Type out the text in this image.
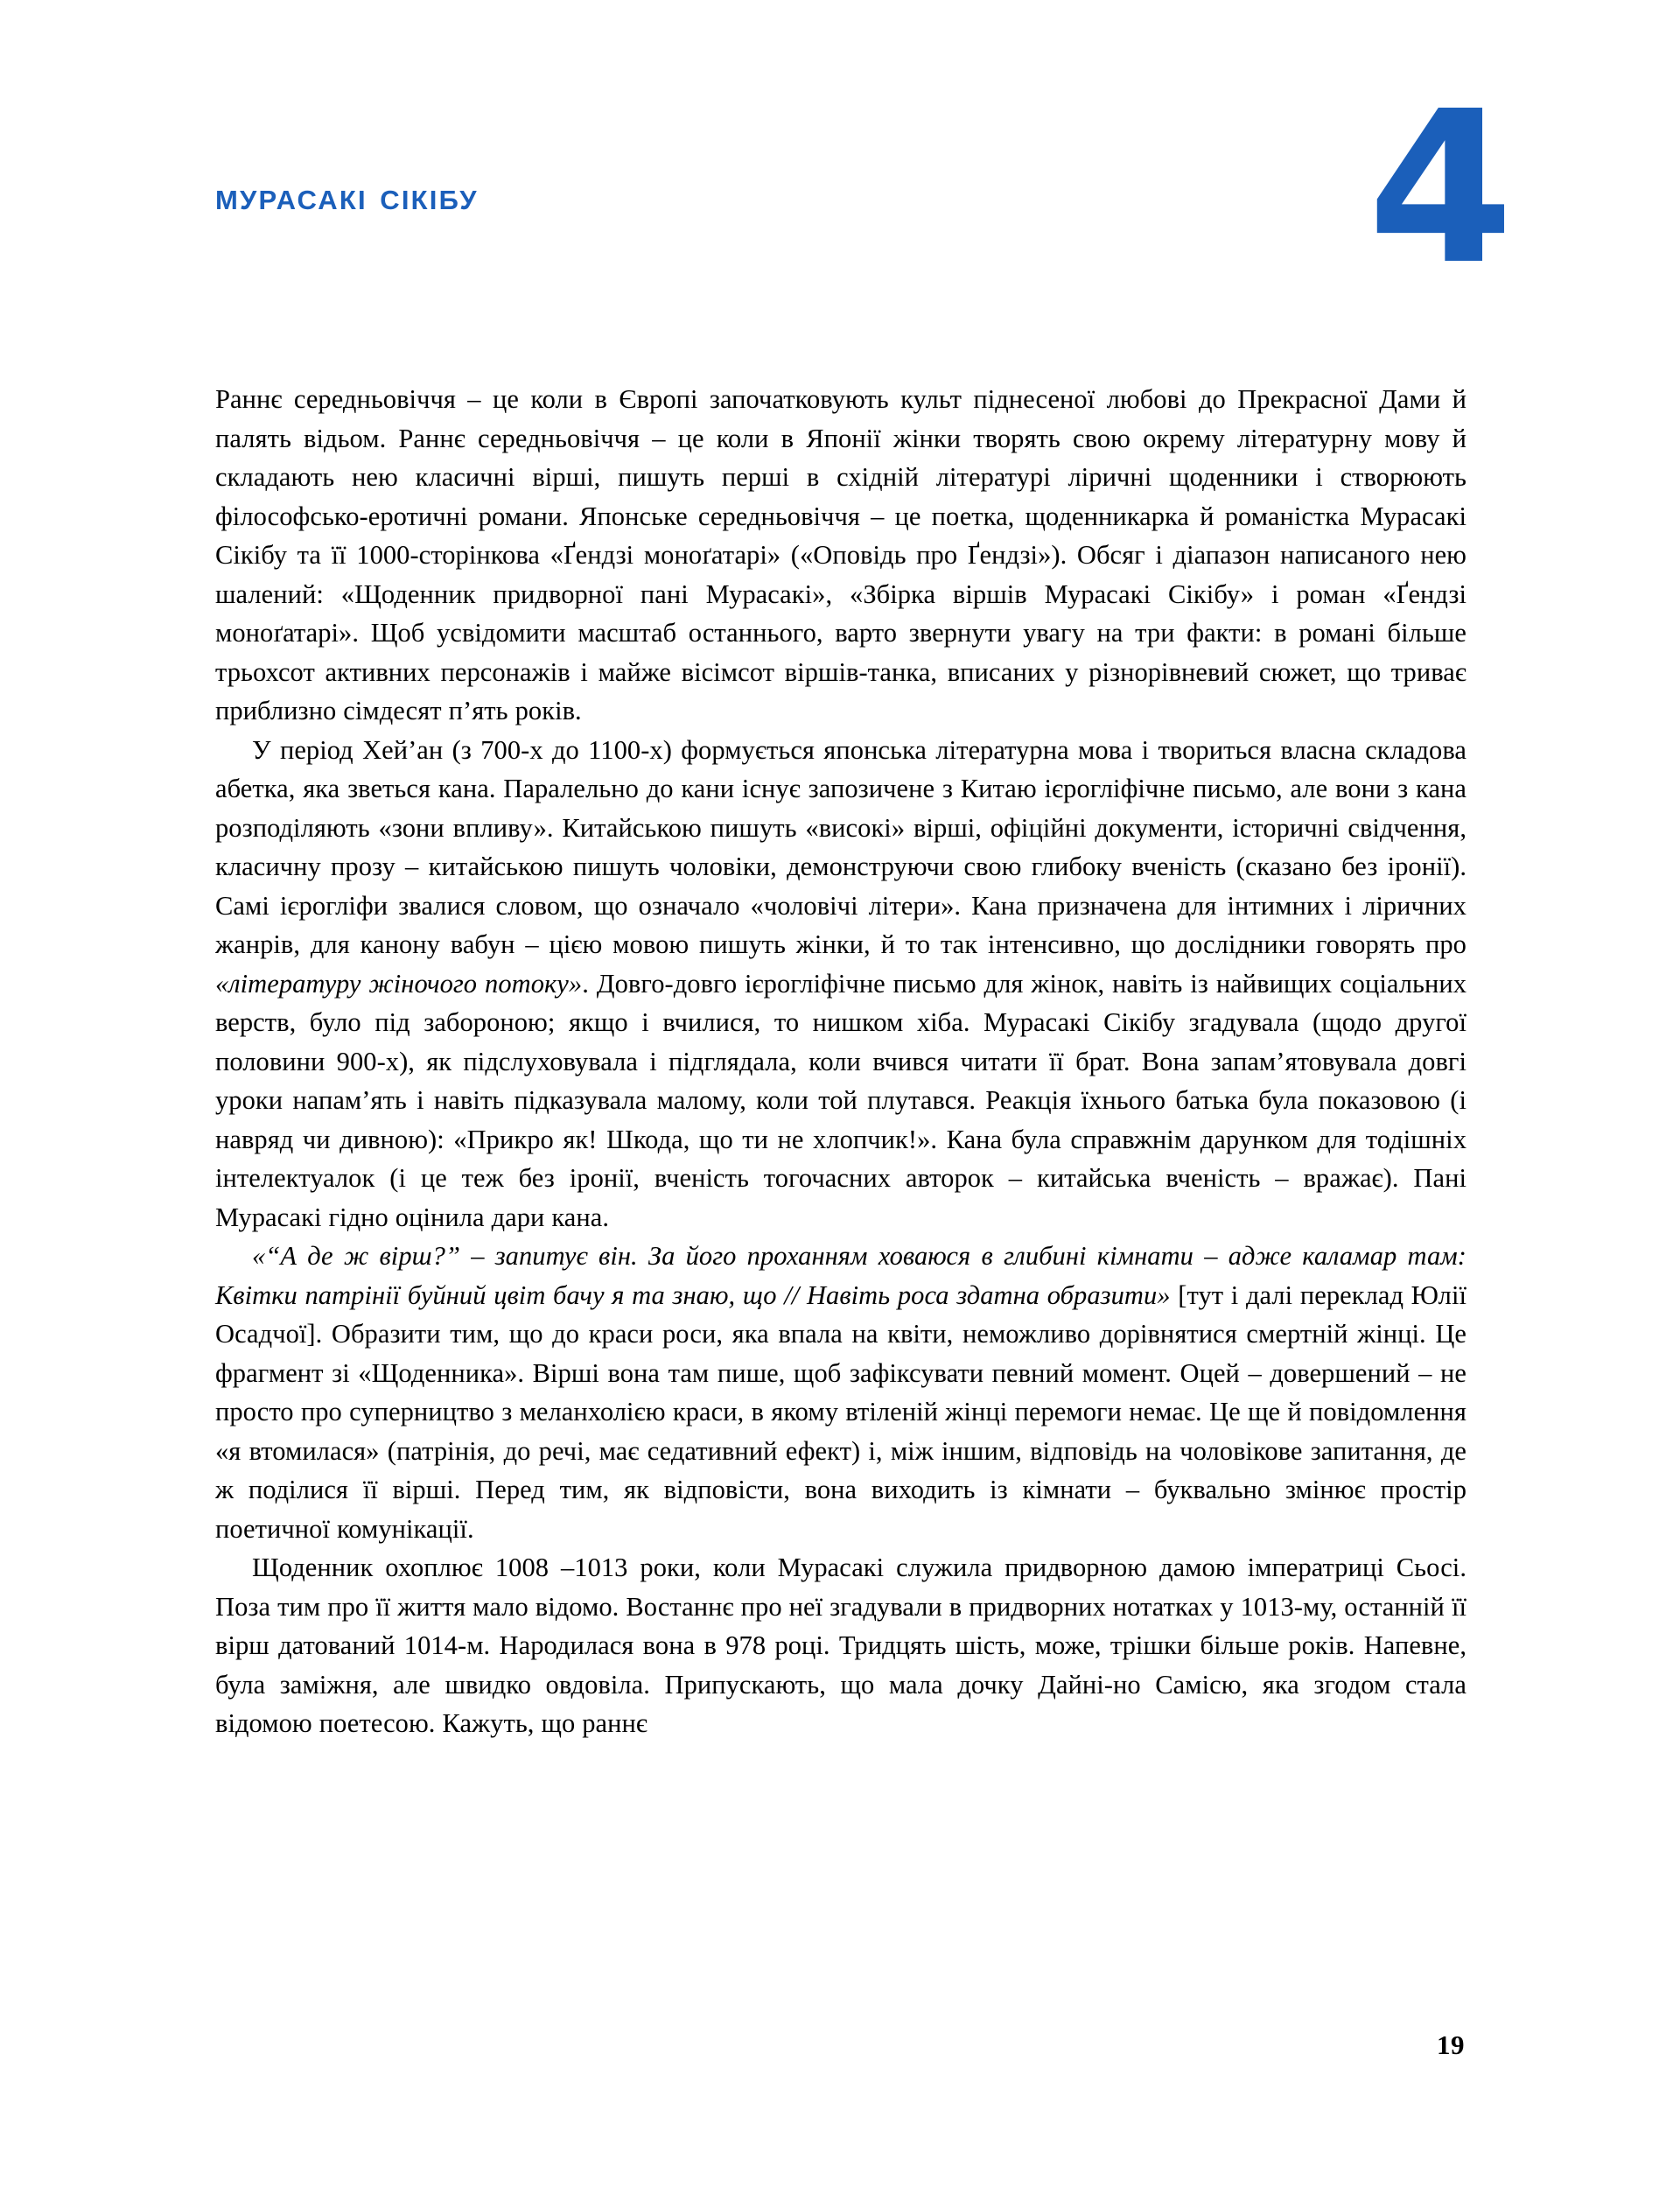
мурасакі сікібу	4

Раннє середньовіччя – це коли в Європі започатковують культ піднесеної любові до Прекрасної Дами й палять відьом. Раннє середньовіччя – це коли в Японії жінки творять свою окрему літературну мову й складають нею класичні вірші, пишуть перші в східній літературі ліричні щоденники і створюють філософсько-еротичні романи. Японське середньовіччя – це поетка, щоденникарка й романістка Мурасакі Сікібу та її 1000-сторінкова «Ґендзі моноґатарі» («Оповідь про Ґендзі»). Обсяг і діапазон написаного нею шалений: «Щоденник придворної пані Мурасакі», «Збірка віршів Мурасакі Сікібу» і роман «Ґендзі моноґатарі». Щоб усвідомити масштаб останнього, варто звернути увагу на три факти: в романі більше трьохсот активних персонажів і майже вісімсот віршів-танка, вписаних у різнорівневий сюжет, що триває приблизно сімдесят п’ять років.

У період Хей’ан (з 700-х до 1100-х) формується японська літературна мова і твориться власна складова абетка, яка зветься кана. Паралельно до кани існує запозичене з Китаю ієрогліфічне письмо, але вони з кана розподіляють «зони впливу». Китайською пишуть «високі» вірші, офіційні документи, історичні свідчення, класичну прозу – китайською пишуть чоловіки, демонструючи свою глибоку вченість (сказано без іронії). Самі ієрогліфи звалися словом, що означало «чоловічі літери». Кана призначена для інтимних і ліричних жанрів, для канону вабун – цією мовою пишуть жінки, й то так інтенсивно, що дослідники говорять про «літературу жіночого потоку». Довго-довго ієрогліфічне письмо для жінок, навіть із найвищих соціальних верств, було під забороною; якщо і вчилися, то нишком хіба. Мурасакі Сікібу згадувала (щодо другої половини 900-х), як підслуховувала і підглядала, коли вчився читати її брат. Вона запам’ятовувала довгі уроки напам’ять і навіть підказувала малому, коли той плутався. Реакція їхнього батька була показовою (і навряд чи дивною): «Прикро як! Шкода, що ти не хлопчик!». Кана була справжнім дарунком для тодішніх інтелектуалок (і це теж без іронії, вченість тогочасних авторок – китайська вченість – вражає). Пані Мурасакі гідно оцінила дари кана.

«“А де ж вірш?” – запитує він. За його проханням ховаюся в глибині кімнати – адже каламар там: Квітки патрінії буйний цвіт бачу я та знаю, що // Навіть роса здатна образити» [тут і далі переклад Юлії Осадчої]. Образити тим, що до краси роси, яка впала на квіти, неможливо дорівнятися смертній жінці. Це фрагмент зі «Щоденника». Вірші вона там пише, щоб зафіксувати певний момент. Оцей – довершений – не просто про суперництво з меланхолією краси, в якому втіленій жінці перемоги немає. Це ще й повідомлення «я втомилася» (патрінія, до речі, має седативний ефект) і, між іншим, відповідь на чоловікове запитання, де ж поділися її вірші. Перед тим, як відповісти, вона виходить із кімнати – буквально змінює простір поетичної комунікації.

Щоденник охоплює 1008 –1013 роки, коли Мурасакі служила придворною дамою імператриці Сьосі. Поза тим про її життя мало відомо. Востаннє про неї згадували в придворних нотатках у 1013-му, останній її вірш датований 1014-м. Народилася вона в 978 році. Тридцять шість, може, трішки більше років. Напевне, була заміжня, але швидко овдовіла. Припускають, що мала дочку Дайні-но Самісю, яка згодом стала відомою поетесою. Кажуть, що раннє

19
